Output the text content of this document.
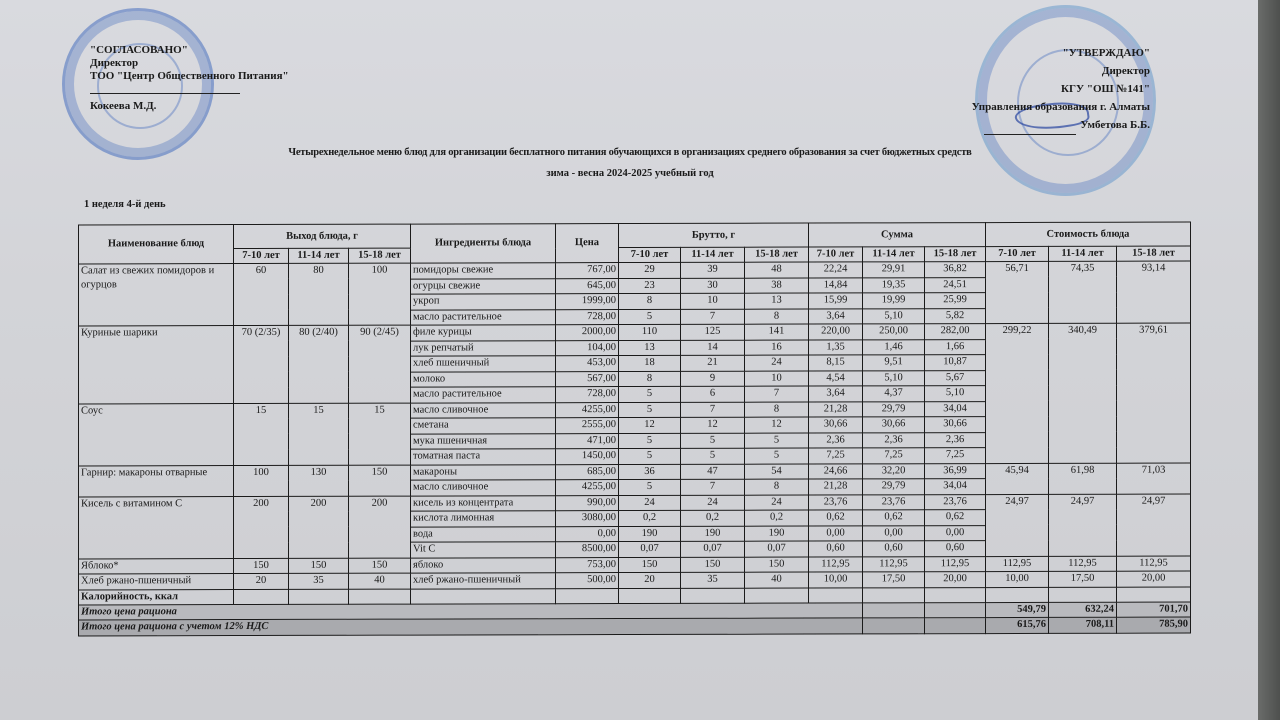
"СОГЛАСОВАНО"
Директор
ТОО "Центр Общественного Питания"
Кокеева М.Д.
"УТВЕРЖДАЮ"
Директор
КГУ "ОШ №141"
Управления образования г. Алматы
Умбетова Б.Б.
Четырехнедельное меню блюд для организации бесплатного питания обучающихся в организациях среднего образования за счет бюджетных средств
зима - весна 2024-2025 учебный год
1 неделя 4-й день
Наименование блюд	Выход блюда, г			Ингредиенты блюда	Цена	Брутто, г			Сумма			Стоимость блюда		
	7-10 лет	11-14 лет	15-18 лет			7-10 лет	11-14 лет	15-18 лет	7-10 лет	11-14 лет	15-18 лет	7-10 лет	11-14 лет	15-18 лет
Салат из свежих помидоров и огурцов	60	80	100	помидоры свежие	767,00	29	39	48	22,24	29,91	36,82	56,71	74,35	93,14
				огурцы свежие	645,00	23	30	38	14,84	19,35	24,51			
				укроп	1999,00	8	10	13	15,99	19,99	25,99			
				масло растительное	728,00	5	7	8	3,64	5,10	5,82			
Куриные шарики	70 (2/35)	80 (2/40)	90 (2/45)	филе курицы	2000,00	110	125	141	220,00	250,00	282,00	299,22	340,49	379,61
				лук репчатый	104,00	13	14	16	1,35	1,46	1,66			
				хлеб пшеничный	453,00	18	21	24	8,15	9,51	10,87			
				молоко	567,00	8	9	10	4,54	5,10	5,67			
				масло растительное	728,00	5	6	7	3,64	4,37	5,10			
Соус	15	15	15	масло сливочное	4255,00	5	7	8	21,28	29,79	34,04			
				сметана	2555,00	12	12	12	30,66	30,66	30,66			
				мука пшеничная	471,00	5	5	5	2,36	2,36	2,36			
				томатная паста	1450,00	5	5	5	7,25	7,25	7,25			
Гарнир: макароны отварные	100	130	150	макароны	685,00	36	47	54	24,66	32,20	36,99	45,94	61,98	71,03
				масло сливочное	4255,00	5	7	8	21,28	29,79	34,04			
Кисель с витамином С	200	200	200	кисель из концентрата	990,00	24	24	24	23,76	23,76	23,76	24,97	24,97	24,97
				кислота лимонная	3080,00	0,2	0,2	0,2	0,62	0,62	0,62			
				вода	0,00	190	190	190	0,00	0,00	0,00			
				Vit C	8500,00	0,07	0,07	0,07	0,60	0,60	0,60			
Яблоко*	150	150	150	яблоко	753,00	150	150	150	112,95	112,95	112,95	112,95	112,95	112,95
Хлеб ржано-пшеничный	20	35	40	хлеб ржано-пшеничный	500,00	20	35	40	10,00	17,50	20,00	10,00	17,50	20,00
Калорийность, ккал														
Итого цена рациона												549,79	632,24	701,70
Итого цена рациона с учетом 12% НДС												615,76	708,11	785,90
